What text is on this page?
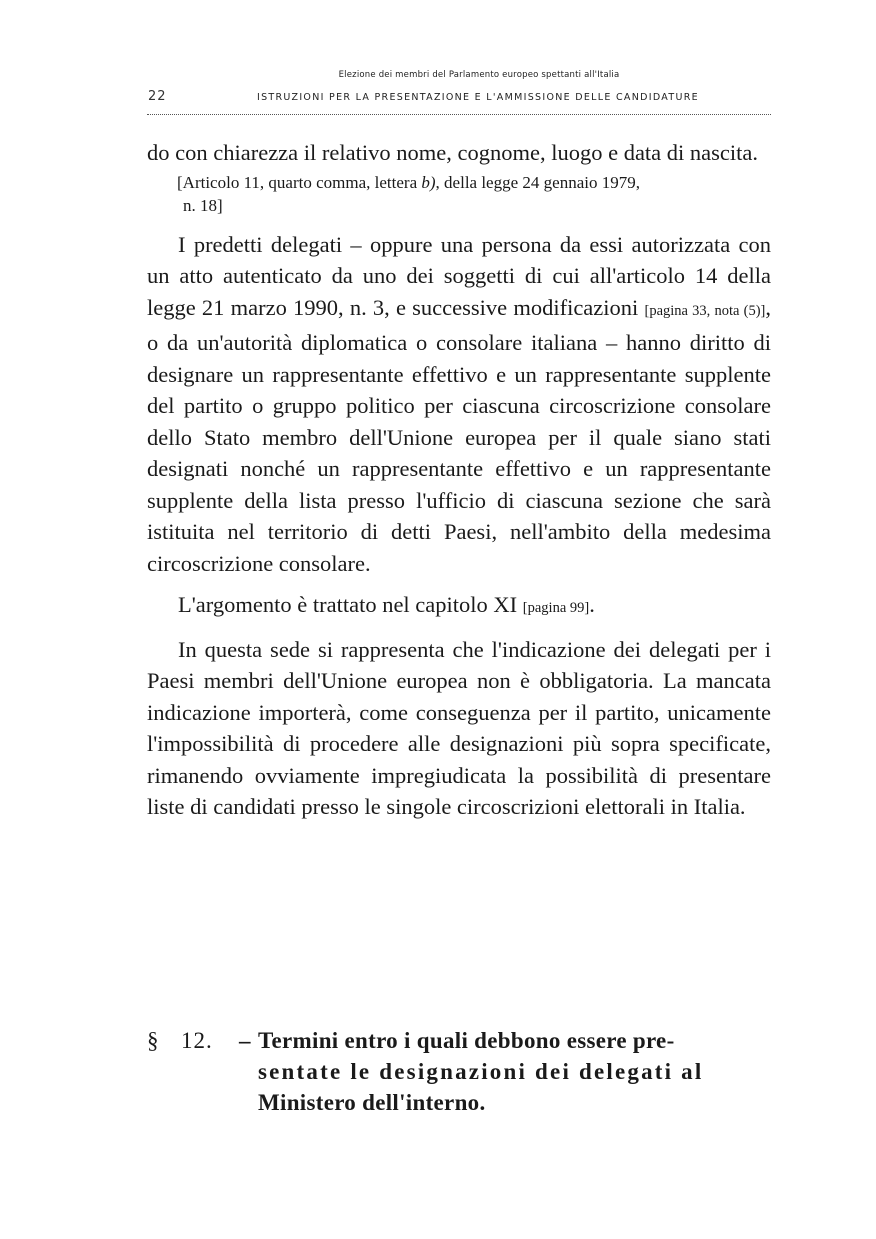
Elezione dei membri del Parlamento europeo spettanti all'Italia
22	ISTRUZIONI PER LA PRESENTAZIONE E L'AMMISSIONE DELLE CANDIDATURE

do con chiarezza il relativo nome, cognome, luogo e data di nascita.

[Articolo 11, quarto comma, lettera b), della legge 24 gennaio 1979,
n. 18]

I predetti delegati – oppure una persona da essi autorizzata con un atto autenticato da uno dei soggetti di cui all'articolo 14 della legge 21 marzo 1990, n. 3, e successive modificazioni [pagina 33, nota (5)], o da un'autorità diplomatica o consolare italiana – hanno diritto di designare un rappresentante effettivo e un rappresentante supplente del partito o gruppo politico per ciascuna circoscrizione consolare dello Stato membro dell'Unione europea per il quale siano stati designati nonché un rappresentante effettivo e un rappresentante supplente della lista presso l'ufficio di ciascuna sezione che sarà istituita nel territorio di detti Paesi, nell'ambito della medesima circoscrizione consolare.

L'argomento è trattato nel capitolo XI [pagina 99].

In questa sede si rappresenta che l'indicazione dei delegati per i Paesi membri dell'Unione europea non è obbligatoria. La mancata indicazione importerà, come conseguenza per il partito, unicamente l'impossibilità di procedere alle designazioni più sopra specificate, rimanendo ovviamente impregiudicata la possibilità di presentare liste di candidati presso le singole circoscrizioni elettorali in Italia.

§ 12. – Termini entro i quali debbono essere pre-
sentate le designazioni dei delegati al
Ministero dell'interno.
